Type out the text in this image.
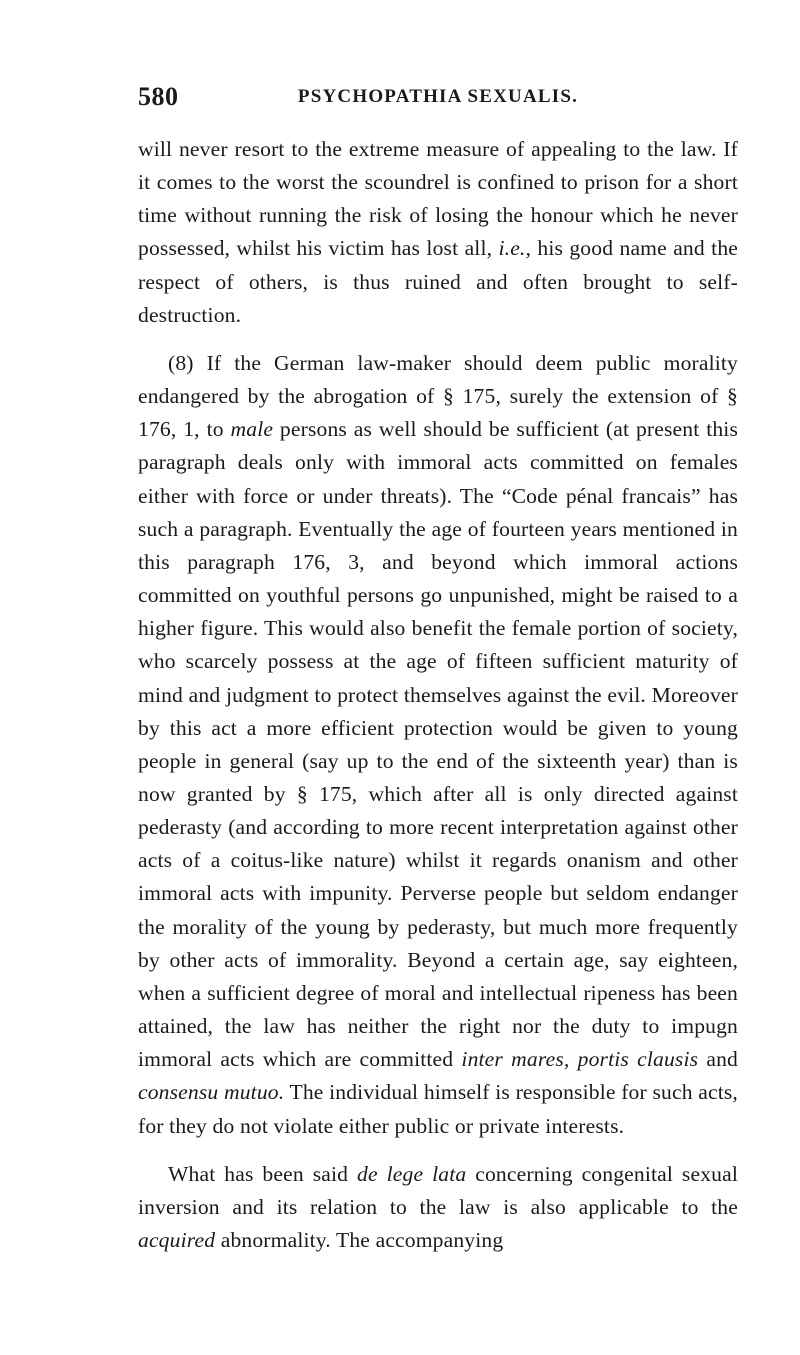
580	PSYCHOPATHIA SEXUALIS.

will never resort to the extreme measure of appealing to the law. If it comes to the worst the scoundrel is confined to prison for a short time without running the risk of losing the honour which he never possessed, whilst his victim has lost all, i.e., his good name and the respect of others, is thus ruined and often brought to self-destruction.

(8) If the German law-maker should deem public morality endangered by the abrogation of § 175, surely the extension of § 176, 1, to male persons as well should be sufficient (at present this paragraph deals only with immoral acts committed on females either with force or under threats). The “Code pénal francais” has such a paragraph. Eventually the age of fourteen years mentioned in this paragraph 176, 3, and beyond which immoral actions committed on youthful persons go unpunished, might be raised to a higher figure. This would also benefit the female portion of society, who scarcely possess at the age of fifteen sufficient maturity of mind and judgment to protect themselves against the evil. Moreover by this act a more efficient protection would be given to young people in general (say up to the end of the sixteenth year) than is now granted by § 175, which after all is only directed against pederasty (and according to more recent interpretation against other acts of a coitus-like nature) whilst it regards onanism and other immoral acts with impunity. Perverse people but seldom endanger the morality of the young by pederasty, but much more frequently by other acts of immorality. Beyond a certain age, say eighteen, when a sufficient degree of moral and intellectual ripeness has been attained, the law has neither the right nor the duty to impugn immoral acts which are committed inter mares, portis clausis and consensu mutuo. The individual himself is responsible for such acts, for they do not violate either public or private interests.

What has been said de lege lata concerning congenital sexual inversion and its relation to the law is also applicable to the acquired abnormality. The accompanying
